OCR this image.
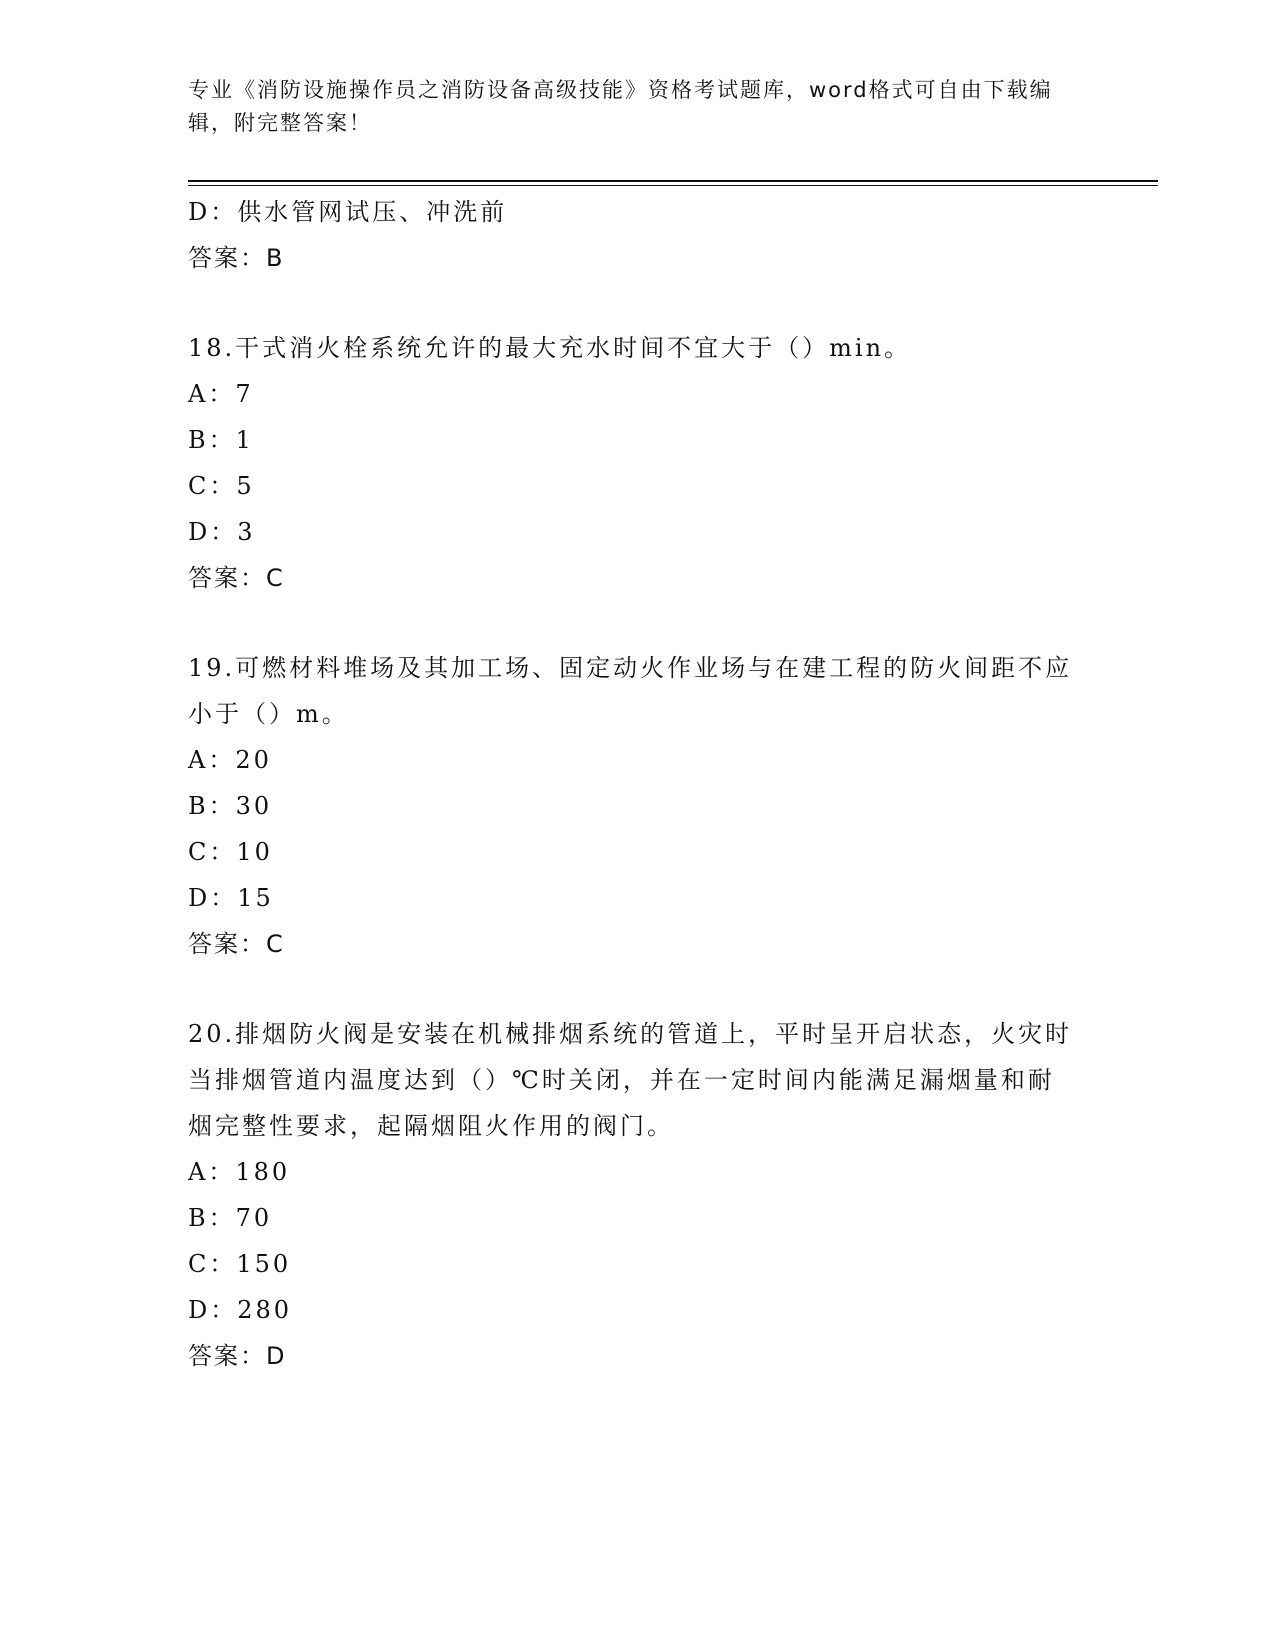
专业《消防设施操作员之消防设备高级技能》资格考试题库，word格式可自由下载编辑，附完整答案！
D：供水管网试压、冲洗前
答案：B
18.干式消火栓系统允许的最大充水时间不宜大于（）min。
A：7
B：1
C：5
D：3
答案：C
19.可燃材料堆场及其加工场、固定动火作业场与在建工程的防火间距不应小于（）m。
A：20
B：30
C：10
D：15
答案：C
20.排烟防火阀是安装在机械排烟系统的管道上，平时呈开启状态，火灾时当排烟管道内温度达到（）℃时关闭，并在一定时间内能满足漏烟量和耐烟完整性要求，起隔烟阻火作用的阀门。
A：180
B：70
C：150
D：280
答案：D
